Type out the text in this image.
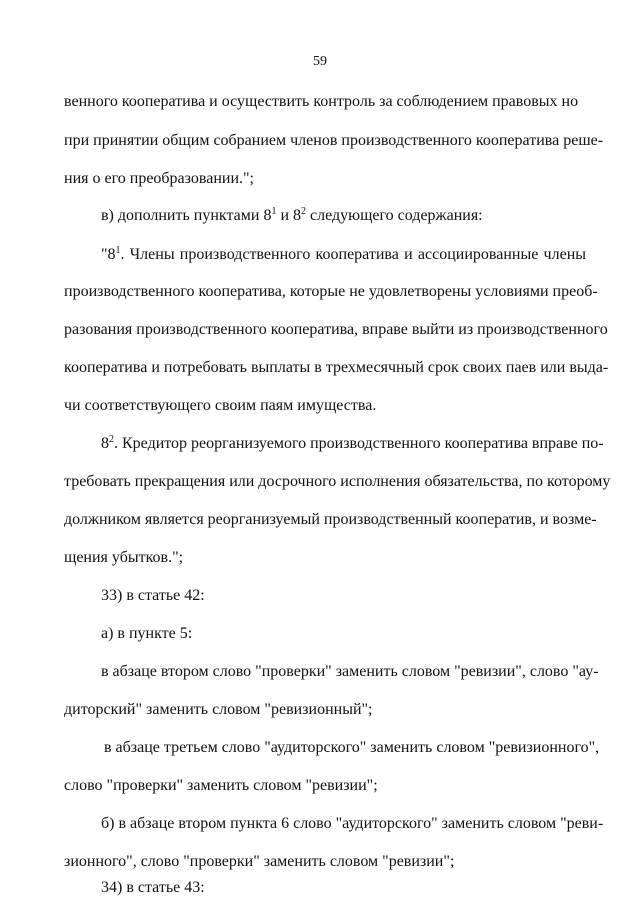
59
венного кооператива и осуществить контроль за соблюдением правовых но
при принятии общим собранием членов производственного кооператива реше-
ния о его преобразовании.";
в) дополнить пунктами $8^1$ и $8^2$ следующего содержания:
"$8^1$. Члены производственного кооператива и ассоциированные члены
производственного кооператива, которые не удовлетворены условиями преоб-
разования производственного кооператива, вправе выйти из производственного
кооператива и потребовать выплаты в трехмесячный срок своих паев или выда-
чи соответствующего своим паям имущества.
$8^2$. Кредитор реорганизуемого производственного кооператива вправе по-
требовать прекращения или досрочного исполнения обязательства, по которому
должником является реорганизуемый производственный кооператив, и возме-
щения убытков.";
33) в статье 42:
а) в пункте 5:
в абзаце втором слово "проверки" заменить словом "ревизии", слово "ау-
диторский" заменить словом "ревизионный";
в абзаце третьем слово "аудиторского" заменить словом "ревизионного",
слово "проверки" заменить словом "ревизии";
б) в абзаце втором пункта 6 слово "аудиторского" заменить словом "реви-
зионного", слово "проверки" заменить словом "ревизии";
34) в статье 43:
